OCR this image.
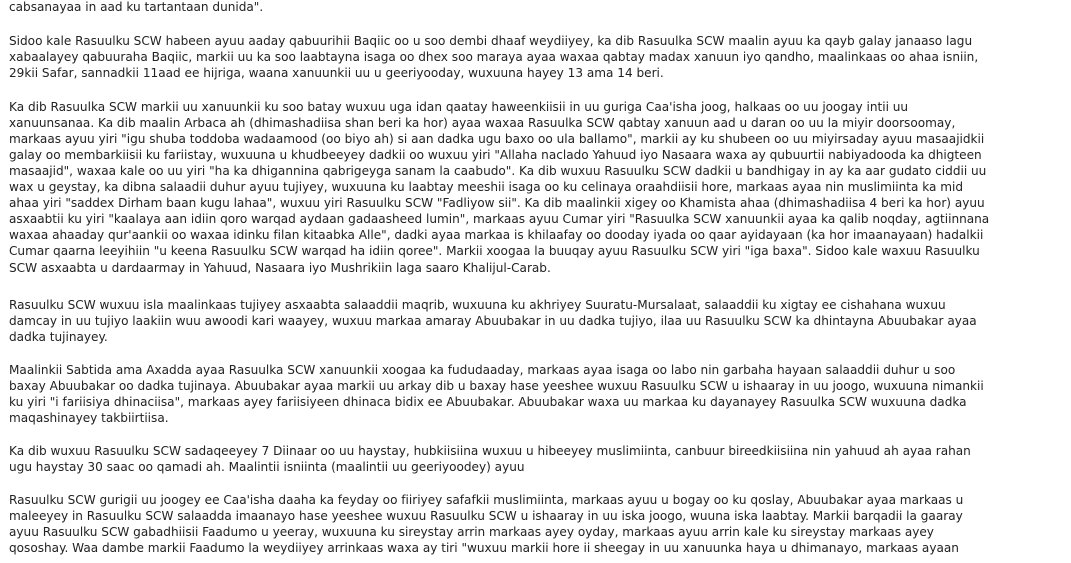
cabsanayaa in aad ku tartantaan dunida".
Sidoo kale Rasuulku SCW habeen ayuu aaday qabuurihii Baqiic oo u soo dembi dhaaf weydiiyey, ka dib Rasuulka SCW maalin ayuu ka qayb galay janaaso lagu
xabaalayey qabuuraha Baqiic, markii uu ka soo laabtayna isaga oo dhex soo maraya ayaa waxaa qabtay madax xanuun iyo qandho, maalinkaas oo ahaa isniin,
29kii Safar, sannadkii 11aad ee hijriga, waana xanuunkii uu u geeriyooday, wuxuuna hayey 13 ama 14 beri.
Ka dib Rasuulka SCW markii uu xanuunkii ku soo batay wuxuu uga idan qaatay haweenkiisii in uu guriga Caa'isha joog, halkaas oo uu joogay intii uu
xanuunsanaa. Ka dib maalin Arbaca ah (dhimashadiisa shan beri ka hor) ayaa waxaa Rasuulka SCW qabtay xanuun aad u daran oo uu la miyir doorsoomay,
markaas ayuu yiri "igu shuba toddoba wadaamood (oo biyo ah) si aan dadka ugu baxo oo ula ballamo", markii ay ku shubeen oo uu miyirsaday ayuu masaajidkii
galay oo membarkiisii ku fariistay, wuxuuna u khudbeeyey dadkii oo wuxuu yiri "Allaha naclado Yahuud iyo Nasaara waxa ay qubuurtii nabiyadooda ka dhigteen
masaajid", waxaa kale oo uu yiri "ha ka dhigannina qabrigeyga sanam la caabudo". Ka dib wuxuu Rasuulku SCW dadkii u bandhigay in ay ka aar gudato ciddii uu
wax u geystay, ka dibna salaadii duhur ayuu tujiyey, wuxuuna ku laabtay meeshii isaga oo ku celinaya oraahdiisii hore, markaas ayaa nin muslimiinta ka mid
ahaa yiri "saddex Dirham baan kugu lahaa", wuxuu yiri Rasuulku SCW "Fadliyow sii". Ka dib maalinkii xigey oo Khamista ahaa (dhimashadiisa 4 beri ka hor) ayuu
asxaabtii ku yiri "kaalaya aan idiin qoro warqad aydaan gadaasheed lumin", markaas ayuu Cumar yiri "Rasuulka SCW xanuunkii ayaa ka qalib noqday, agtiinnana
waxaa ahaaday qur'aankii oo waxaa idinku filan kitaabka Alle", dadki ayaa markaa is khilaafay oo dooday iyada oo qaar ayidayaan (ka hor imaanayaan) hadalkii
Cumar qaarna leeyihiin "u keena Rasuulku SCW warqad ha idiin qoree". Markii xoogaa la buuqay ayuu Rasuulku SCW yiri "iga baxa". Sidoo kale waxuu Rasuulku
SCW asxaabta u dardaarmay in Yahuud, Nasaara iyo Mushrikiin laga saaro Khalijul-Carab.
Rasuulku SCW wuxuu isla maalinkaas tujiyey asxaabta salaaddii maqrib, wuxuuna ku akhriyey Suuratu-Mursalaat, salaaddii ku xigtay ee cishahana wuxuu
damcay in uu tujiyo laakiin wuu awoodi kari waayey, wuxuu markaa amaray Abuubakar in uu dadka tujiyo, ilaa uu Rasuulku SCW ka dhintayna Abuubakar ayaa
dadka tujinayey.
Maalinkii Sabtida ama Axadda ayaa Rasuulka SCW xanuunkii xoogaa ka fududaaday, markaas ayaa isaga oo labo nin garbaha hayaan salaaddii duhur u soo
baxay Abuubakar oo dadka tujinaya. Abuubakar ayaa markii uu arkay dib u baxay hase yeeshee wuxuu Rasuulku SCW u ishaaray in uu joogo, wuxuuna nimankii
ku yiri "i fariisiya dhinaciisa", markaas ayey fariisiyeen dhinaca bidix ee Abuubakar. Abuubakar waxa uu markaa ku dayanayey Rasuulka SCW wuxuuna dadka
maqashinayey takbiirtiisa.
Ka dib wuxuu Rasuulku SCW sadaqeeyey 7 Diinaar oo uu haystay, hubkiisiina wuxuu u hibeeyey muslimiinta, canbuur bireedkiisiina nin yahuud ah ayaa rahan
ugu haystay 30 saac oo qamadi ah. Maalintii isniinta (maalintii uu geeriyoodey) ayuu
Rasuulku SCW gurigii uu joogey ee Caa'isha daaha ka feyday oo fiiriyey safafkii muslimiinta, markaas ayuu u bogay oo ku qoslay, Abuubakar ayaa markaas u
maleeyey in Rasuulku SCW salaadda imaanayo hase yeeshee wuxuu Rasuulku SCW u ishaaray in uu iska joogo, wuuna iska laabtay. Markii barqadii la gaaray
ayuu Rasuulku SCW gabadhiisii Faadumo u yeeray, wuxuuna ku sireystay arrin markaas ayey oyday, markaas ayuu arrin kale ku sireystay markaas ayey
qososhay. Waa dambe markii Faadumo la weydiiyey arrinkaas waxa ay tiri "wuxuu markii hore ii sheegay in uu xanuunka haya u dhimanayo, markaas ayaan
